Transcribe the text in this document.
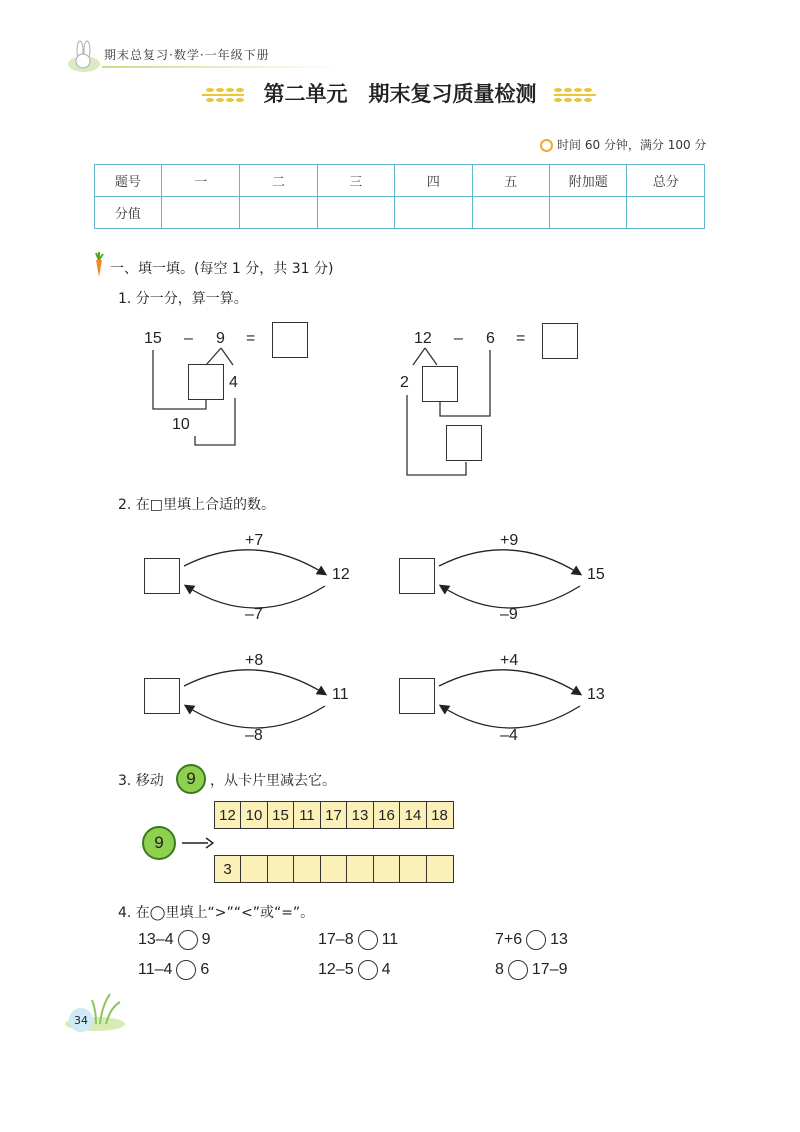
期末总复习·数学·一年级下册
第二单元　期末复习质量检测
时间 60 分钟，满分 100 分
题号	一	二	三	四	五	附加题	总分
分值							
一、填一填。(每空 1 分，共 31 分)
1. 分一分，算一算。
15 – 9 =
4
10
12 – 6 =
2
2. 在□里填上合适的数。
+7
–7
12
+9
–9
15
+8
–8
11
+4
–4
13
3. 移动	9	，从卡片里减去它。
12 10 15 11 17 13 16 14 18
9
3
4. 在◯里填上“>”“<”或“=”。
13–4 9	17–8 11	7+6 13
11–4 6	12–5 4	8 17–9
34
